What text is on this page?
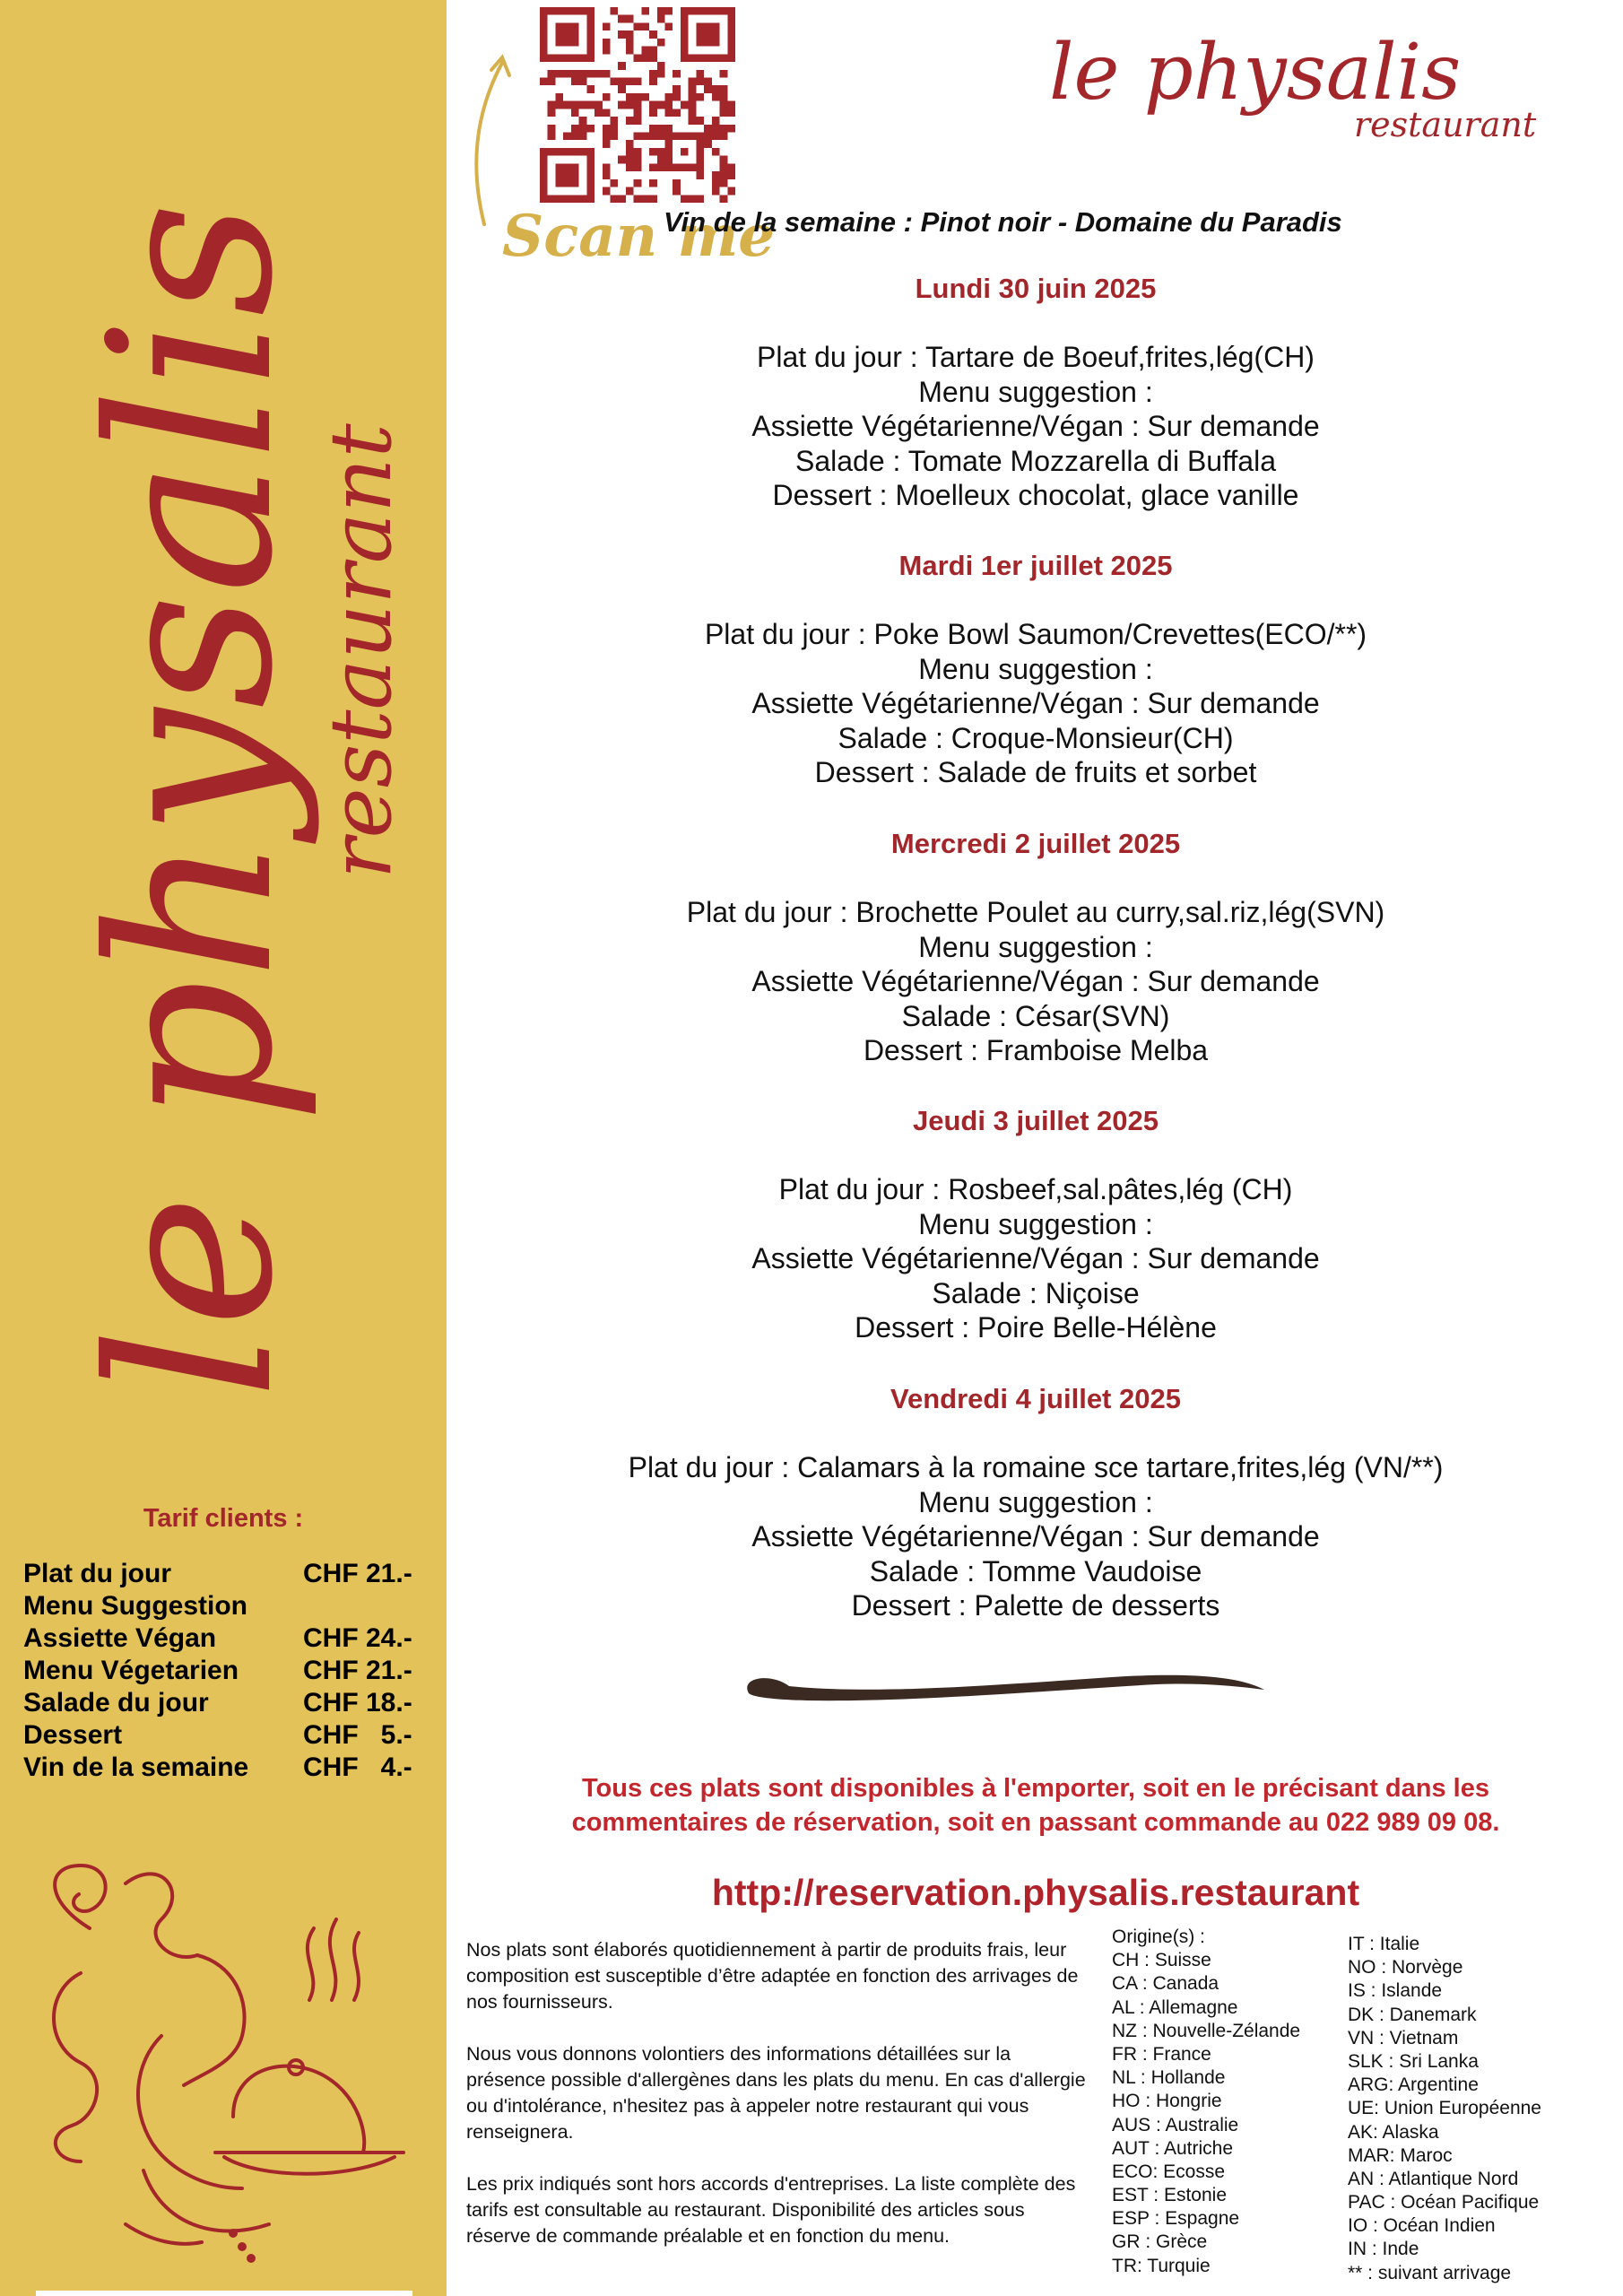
le physalis
restaurant
Tarif clients :
Plat du jour	CHF 21.-
Menu Suggestion
Assiette Végan	CHF 24.-
Menu Végetarien	CHF 21.-
Salade du jour	CHF 18.-
Dessert	CHF   5.-
Vin de la semaine	CHF   4.-
Scan me
le physalis
restaurant
Vin de la semaine : Pinot noir - Domaine du Paradis
Lundi 30 juin 2025
Plat du jour : Tartare de Boeuf,frites,lég(CH)
Menu suggestion :
Assiette Végétarienne/Végan : Sur demande
Salade : Tomate Mozzarella di Buffala
Dessert : Moelleux chocolat, glace vanille
Mardi 1er juillet 2025
Plat du jour : Poke Bowl Saumon/Crevettes(ECO/**)
Menu suggestion :
Assiette Végétarienne/Végan : Sur demande
Salade : Croque-Monsieur(CH)
Dessert : Salade de fruits et sorbet
Mercredi 2 juillet 2025
Plat du jour : Brochette Poulet au curry,sal.riz,lég(SVN)
Menu suggestion :
Assiette Végétarienne/Végan : Sur demande
Salade : César(SVN)
Dessert : Framboise Melba
Jeudi 3 juillet 2025
Plat du jour : Rosbeef,sal.pâtes,lég (CH)
Menu suggestion :
Assiette Végétarienne/Végan : Sur demande
Salade : Niçoise
Dessert : Poire Belle-Hélène
Vendredi 4 juillet 2025
Plat du jour : Calamars à la romaine sce tartare,frites,lég (VN/**)
Menu suggestion :
Assiette Végétarienne/Végan : Sur demande
Salade : Tomme Vaudoise
Dessert : Palette de desserts
Tous ces plats sont disponibles à l'emporter, soit en le précisant dans les
commentaires de réservation, soit en passant commande au 022 989 09 08.
http://reservation.physalis.restaurant

Nos plats sont élaborés quotidiennement à partir de produits frais, leur composition est susceptible d’être adaptée en fonction des arrivages de nos fournisseurs.

Nous vous donnons volontiers des informations détaillées sur la présence possible d'allergènes dans les plats du menu. En cas d'allergie ou d'intolérance, n'hesitez pas à appeler notre restaurant qui vous renseignera.

Les prix indiqués sont hors accords d'entreprises. La liste complète des tarifs est consultable au restaurant. Disponibilité des articles sous réserve de commande préalable et en fonction du menu.

Origine(s) :
CH : Suisse
CA : Canada
AL : Allemagne
NZ : Nouvelle-Zélande
FR : France
NL : Hollande
HO : Hongrie
AUS : Australie
AUT : Autriche
ECO: Ecosse
EST : Estonie
ESP : Espagne
GR : Grèce
TR: Turquie
IT : Italie
NO : Norvège
IS : Islande
DK : Danemark
VN : Vietnam
SLK : Sri Lanka
ARG: Argentine
UE: Union Européenne
AK: Alaska
MAR: Maroc
AN : Atlantique Nord
PAC : Océan Pacifique
IO : Océan Indien
IN : Inde
** : suivant arrivage
